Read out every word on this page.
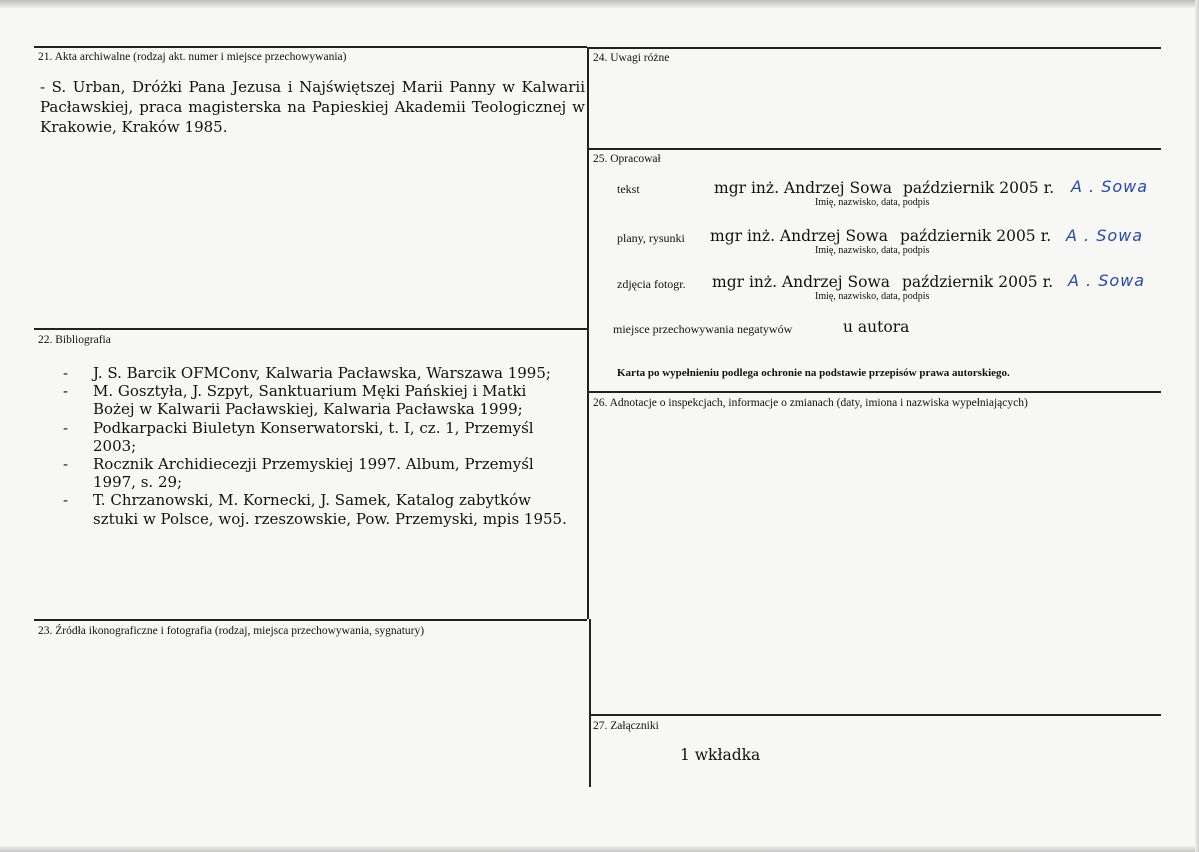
21. Akta archiwalne (rodzaj akt. numer i miejsce przechowywania)
- S. Urban, Dróżki Pana Jezusa i Najświętszej Marii Panny w Kalwarii Pacławskiej, praca magisterska na Papieskiej Akademii Teologicznej w Krakowie, Kraków 1985.
22. Bibliografia
- J. S. Barcik OFMConv, Kalwaria Pacławska, Warszawa 1995;
- M. Gosztyła, J. Szpyt, Sanktuarium Męki Pańskiej i Matki Bożej w Kalwarii Pacławskiej, Kalwaria Pacławska 1999;
- Podkarpacki Biuletyn Konserwatorski, t. I, cz. 1, Przemyśl 2003;
- Rocznik Archidiecezji Przemyskiej 1997. Album, Przemyśl 1997, s. 29;
- T. Chrzanowski, M. Kornecki, J. Samek, Katalog zabytków sztuki w Polsce, woj. rzeszowskie, Pow. Przemyski, mpis 1955.
23. Źródła ikonograficzne i fotografia (rodzaj, miejsca przechowywania, sygnatury)
24. Uwagi różne
25. Opracował
tekst	mgr inż. Andrzej Sowa październik 2005 r.
Imię, nazwisko, data, podpis
A . Sowa
plany, rysunki mgr inż. Andrzej Sowa październik 2005 r.
Imię, nazwisko, data, podpis
A . Sowa
zdjęcia fotogr. mgr inż. Andrzej Sowa październik 2005 r.
Imię, nazwisko, data, podpis
A . Sowa
miejsce przechowywania negatywów	u autora
Karta po wypełnieniu podlega ochronie na podstawie przepisów prawa autorskiego.
26. Adnotacje o inspekcjach, informacje o zmianach (daty, imiona i nazwiska wypełniających)
27. Załączniki
1 wkładka
